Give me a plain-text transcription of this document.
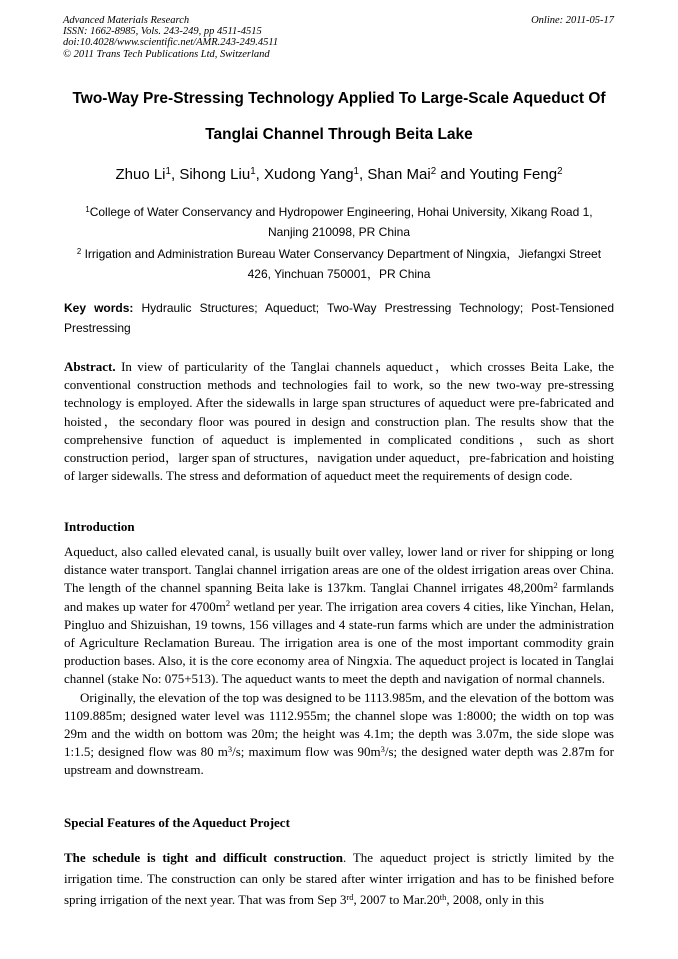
Advanced Materials Research
ISSN: 1662-8985, Vols. 243-249, pp 4511-4515
doi:10.4028/www.scientific.net/AMR.243-249.4511
© 2011 Trans Tech Publications Ltd, Switzerland
Online: 2011-05-17
Two-Way Pre-Stressing Technology Applied To Large-Scale Aqueduct Of
Tanglai Channel Through Beita Lake
Zhuo Li$^1$, Sihong Liu$^1$, Xudong Yang$^1$, Shan Mai$^2$ and Youting Feng$^2$
$^1$College of Water Conservancy and Hydropower Engineering, Hohai University, Xikang Road 1,
Nanjing 210098, PR China
$^2$ Irrigation and Administration Bureau Water Conservancy Department of Ningxia，Jiefangxi Street
426, Yinchuan 750001，PR China
Key words: Hydraulic Structures; Aqueduct; Two-Way Prestressing Technology; Post-Tensioned Prestressing
Abstract. In view of particularity of the Tanglai channels aqueduct，which crosses Beita Lake, the conventional construction methods and technologies fail to work, so the new two-way pre-stressing technology is employed. After the sidewalls in large span structures of aqueduct were pre-fabricated and hoisted，the secondary floor was poured in design and construction plan. The results show that the comprehensive function of aqueduct is implemented in complicated conditions，such as short construction period，larger span of structures，navigation under aqueduct，pre-fabrication and hoisting of larger sidewalls. The stress and deformation of aqueduct meet the requirements of design code.
Introduction
Aqueduct, also called elevated canal, is usually built over valley, lower land or river for shipping or long distance water transport. Tanglai channel irrigation areas are one of the oldest irrigation areas over China. The length of the channel spanning Beita lake is 137km. Tanglai Channel irrigates $48,200m^2$ farmlands and makes up water for $4700m^2$ wetland per year. The irrigation area covers 4 cities, like Yinchan, Helan, Pingluo and Shizuishan, 19 towns, 156 villages and 4 state-run farms which are under the administration of Agriculture Reclamation Bureau. The irrigation area is one of the most important commodity grain production bases. Also, it is the core economy area of Ningxia. The aqueduct project is located in Tanglai channel (stake No: 075+513). The aqueduct wants to meet the depth and navigation of normal channels.
Originally, the elevation of the top was designed to be 1113.985m, and the elevation of the bottom was 1109.885m; designed water level was 1112.955m; the channel slope was 1:8000; the width on top was 29m and the width on bottom was 20m; the height was 4.1m; the depth was 3.07m, the side slope was 1:1.5; designed flow was 80 $m^3/s$; maximum flow was $90m^3/s$; the designed water depth was 2.87m for upstream and downstream.
Special Features of the Aqueduct Project
The schedule is tight and difficult construction. The aqueduct project is strictly limited by the irrigation time. The construction can only be stared after winter irrigation and has to be finished before spring irrigation of the next year. That was from Sep 3rd, 2007 to Mar.20th, 2008, only in this
